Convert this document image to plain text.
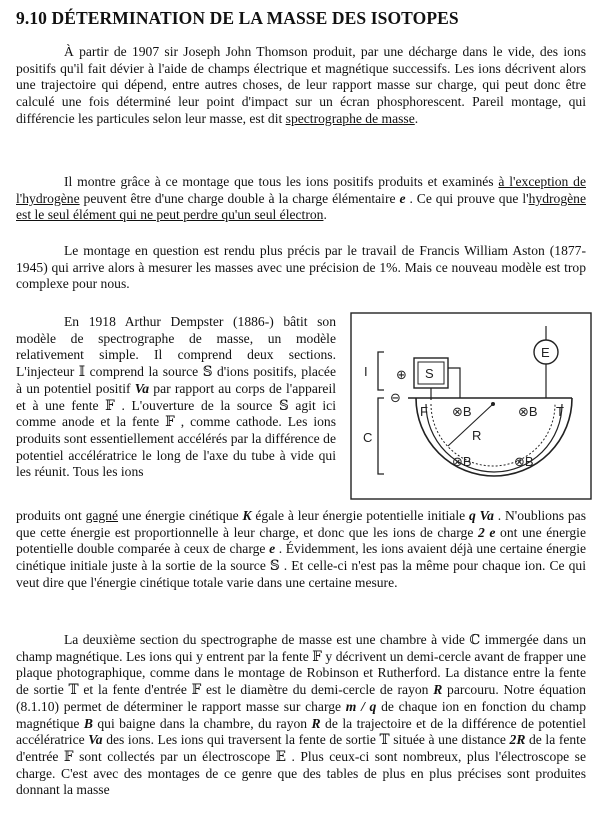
9.10 DÉTERMINATION DE LA MASSE DES ISOTOPES

À partir de 1907 sir Joseph John Thomson produit, par une décharge dans le vide, des ions positifs qu'il fait dévier à l'aide de champs électrique et magnétique successifs. Les ions décrivent alors une trajectoire qui dépend, entre autres choses, de leur rapport masse sur charge, qui peut donc être calculé une fois déterminé leur point d'impact sur un écran phosphorescent. Pareil montage, qui différencie les particules selon leur masse, est dit spectrographe de masse.

Il montre grâce à ce montage que tous les ions positifs produits et examinés à l'exception de l'hydrogène peuvent être d'une charge double à la charge élémentaire e . Ce qui prouve que l'hydrogène est le seul élément qui ne peut perdre qu'un seul électron.

Le montage en question est rendu plus précis par le travail de Francis William Aston (1877-1945) qui arrive alors à mesurer les masses avec une précision de 1%. Mais ce nouveau modèle est trop complexe pour nous.

En 1918 Arthur Dempster (1886-) bâtit son modèle de spectrographe de masse, un modèle relativement simple. Il comprend deux sections. L'injecteur 𝕀 comprend la source 𝕊 d'ions positifs, placée à un potentiel positif Va par rapport au corps de l'appareil et à une fente 𝔽 . L'ouverture de la source 𝕊 agit ici comme anode et la fente 𝔽 , comme cathode. Les ions produits sont essentiellement accélérés par la différence de potentiel accélératrice le long de l'axe du tube à vide qui les réunit. Tous les ions

produits ont gagné une énergie cinétique K égale à leur énergie potentielle initiale q Va . N'oublions pas que cette énergie est proportionnelle à leur charge, et donc que les ions de charge 2 e ont une énergie potentielle double comparée à ceux de charge e . Évidemment, les ions avaient déjà une certaine énergie cinétique initiale juste à la sortie de la source 𝕊 . Et celle-ci n'est pas la même pour chaque ion. Ce qui veut dire que l'énergie cinétique totale varie dans une certaine mesure.

La deuxième section du spectrographe de masse est une chambre à vide ℂ immergée dans un champ magnétique. Les ions qui y entrent par la fente 𝔽 y décrivent un demi-cercle avant de frapper une plaque photographique, comme dans le montage de Robinson et Rutherford. La distance entre la fente de sortie 𝕋 et la fente d'entrée 𝔽 est le diamètre du demi-cercle de rayon R parcouru. Notre équation (8.1.10) permet de déterminer le rapport masse sur charge m / q de chaque ion en fonction du champ magnétique B qui baigne dans la chambre, du rayon R de la trajectoire et de la différence de potentiel accélératrice Va des ions. Les ions qui traversent la fente de sortie 𝕋 située à une distance 2R de la fente d'entrée 𝔽 sont collectés par un électroscope 𝔼 . Plus ceux-ci sont nombreux, plus l'électroscope se charge. C'est avec des montages de ce genre que des tables de plus en plus précises sont produites donnant la masse

I
C
⊕
⊖
S
E
F
R
T
⊗B	⊗B
⊗B	⊗B
